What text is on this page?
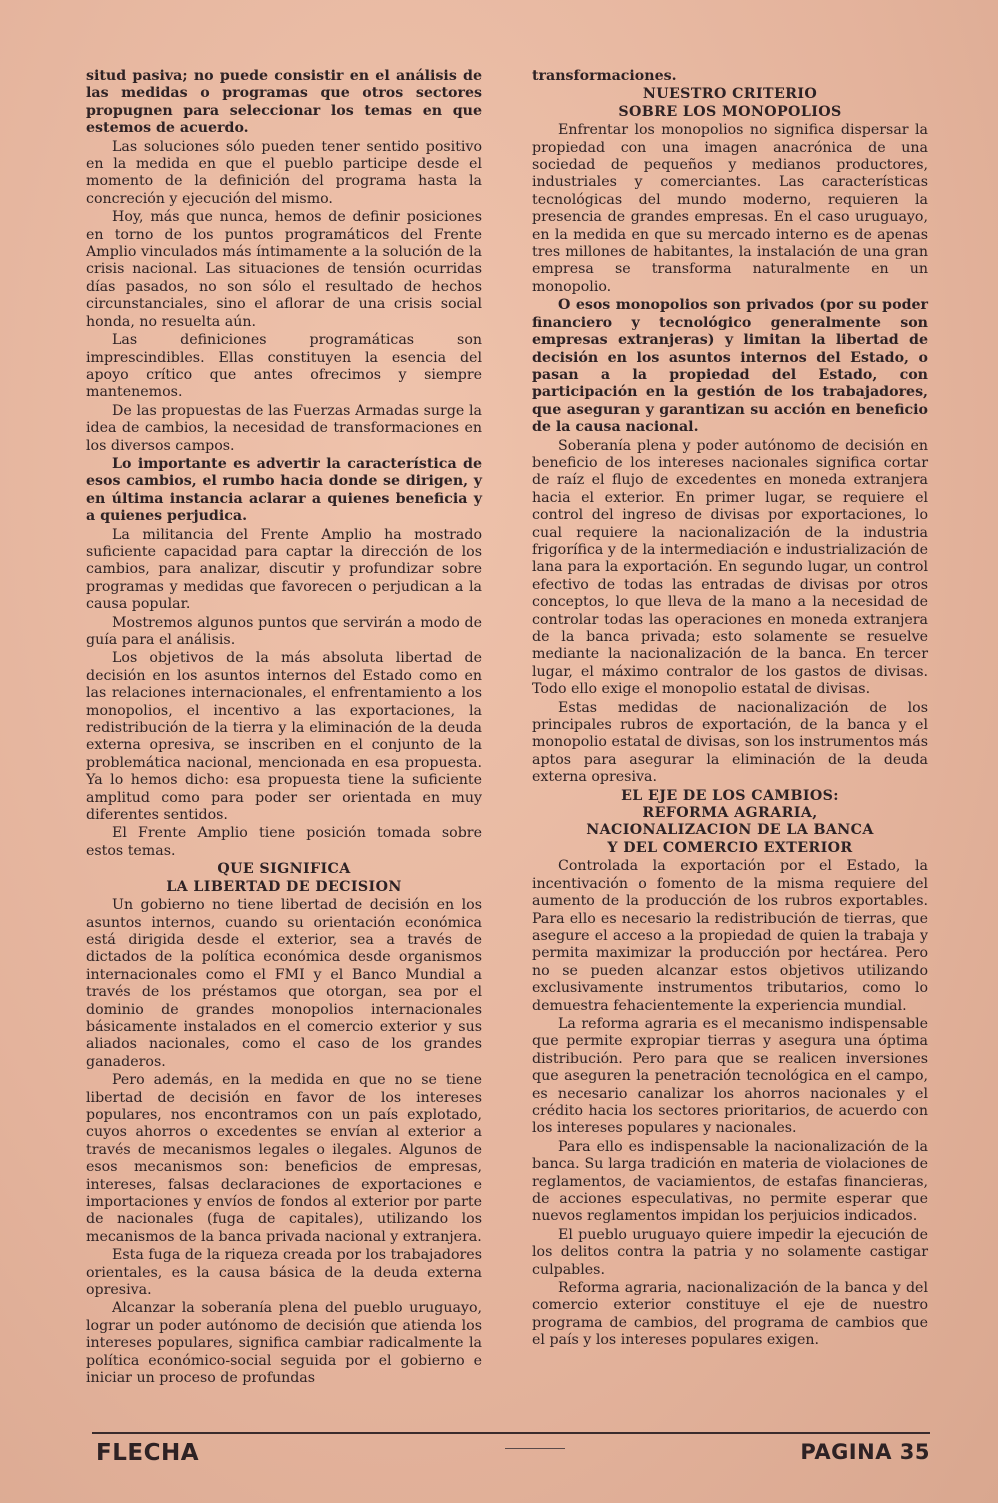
situd pasiva; no puede consistir en el análisis de las medidas o programas que otros sectores propugnen para seleccionar los temas en que estemos de acuerdo.

Las soluciones sólo pueden tener sentido positivo en la medida en que el pueblo participe desde el momento de la definición del programa hasta la concreción y ejecución del mismo.

Hoy, más que nunca, hemos de definir posiciones en torno de los puntos programáticos del Frente Amplio vinculados más íntimamente a la solución de la crisis nacional. Las situaciones de tensión ocurridas días pasados, no son sólo el resultado de hechos circunstanciales, sino el aflorar de una crisis social honda, no resuelta aún.

Las definiciones programáticas son imprescindibles. Ellas constituyen la esencia del apoyo crítico que antes ofrecimos y siempre mantenemos.

De las propuestas de las Fuerzas Armadas surge la idea de cambios, la necesidad de transformaciones en los diversos campos.

Lo importante es advertir la característica de esos cambios, el rumbo hacia donde se dirigen, y en última instancia aclarar a quienes beneficia y a quienes perjudica.

La militancia del Frente Amplio ha mostrado suficiente capacidad para captar la dirección de los cambios, para analizar, discutir y profundizar sobre programas y medidas que favorecen o perjudican a la causa popular.

Mostremos algunos puntos que servirán a modo de guía para el análisis.

Los objetivos de la más absoluta libertad de decisión en los asuntos internos del Estado como en las relaciones internacionales, el enfrentamiento a los monopolios, el incentivo a las exportaciones, la redistribución de la tierra y la eliminación de la deuda externa opresiva, se inscriben en el conjunto de la problemática nacional, mencionada en esa propuesta. Ya lo hemos dicho: esa propuesta tiene la suficiente amplitud como para poder ser orientada en muy diferentes sentidos.

El Frente Amplio tiene posición tomada sobre estos temas.

QUE SIGNIFICA
LA LIBERTAD DE DECISION

Un gobierno no tiene libertad de decisión en los asuntos internos, cuando su orientación económica está dirigida desde el exterior, sea a través de dictados de la política económica desde organismos internacionales como el FMI y el Banco Mundial a través de los préstamos que otorgan, sea por el dominio de grandes monopolios internacionales básicamente instalados en el comercio exterior y sus aliados nacionales, como el caso de los grandes ganaderos.

Pero además, en la medida en que no se tiene libertad de decisión en favor de los intereses populares, nos encontramos con un país explotado, cuyos ahorros o excedentes se envían al exterior a través de mecanismos legales o ilegales. Algunos de esos mecanismos son: beneficios de empresas, intereses, falsas declaraciones de exportaciones e importaciones y envíos de fondos al exterior por parte de nacionales (fuga de capitales), utilizando los mecanismos de la banca privada nacional y extranjera.

Esta fuga de la riqueza creada por los trabajadores orientales, es la causa básica de la deuda externa opresiva.

Alcanzar la soberanía plena del pueblo uruguayo, lograr un poder autónomo de decisión que atienda los intereses populares, significa cambiar radicalmente la política económico-social seguida por el gobierno e iniciar un proceso de profundas

transformaciones.

NUESTRO CRITERIO
SOBRE LOS MONOPOLIOS

Enfrentar los monopolios no significa dispersar la propiedad con una imagen anacrónica de una sociedad de pequeños y medianos productores, industriales y comerciantes. Las características tecnológicas del mundo moderno, requieren la presencia de grandes empresas. En el caso uruguayo, en la medida en que su mercado interno es de apenas tres millones de habitantes, la instalación de una gran empresa se transforma naturalmente en un monopolio.

O esos monopolios son privados (por su poder financiero y tecnológico generalmente son empresas extranjeras) y limitan la libertad de decisión en los asuntos internos del Estado, o pasan a la propiedad del Estado, con participación en la gestión de los trabajadores, que aseguran y garantizan su acción en beneficio de la causa nacional.

Soberanía plena y poder autónomo de decisión en beneficio de los intereses nacionales significa cortar de raíz el flujo de excedentes en moneda extranjera hacia el exterior. En primer lugar, se requiere el control del ingreso de divisas por exportaciones, lo cual requiere la nacionalización de la industria frigorífica y de la intermediación e industrialización de lana para la exportación. En segundo lugar, un control efectivo de todas las entradas de divisas por otros conceptos, lo que lleva de la mano a la necesidad de controlar todas las operaciones en moneda extranjera de la banca privada; esto solamente se resuelve mediante la nacionalización de la banca. En tercer lugar, el máximo contralor de los gastos de divisas. Todo ello exige el monopolio estatal de divisas.

Estas medidas de nacionalización de los principales rubros de exportación, de la banca y el monopolio estatal de divisas, son los instrumentos más aptos para asegurar la eliminación de la deuda externa opresiva.

EL EJE DE LOS CAMBIOS:
REFORMA AGRARIA,
NACIONALIZACION DE LA BANCA
Y DEL COMERCIO EXTERIOR

Controlada la exportación por el Estado, la incentivación o fomento de la misma requiere del aumento de la producción de los rubros exportables. Para ello es necesario la redistribución de tierras, que asegure el acceso a la propiedad de quien la trabaja y permita maximizar la producción por hectárea. Pero no se pueden alcanzar estos objetivos utilizando exclusivamente instrumentos tributarios, como lo demuestra fehacientemente la experiencia mundial.

La reforma agraria es el mecanismo indispensable que permite expropiar tierras y asegura una óptima distribución. Pero para que se realicen inversiones que aseguren la penetración tecnológica en el campo, es necesario canalizar los ahorros nacionales y el crédito hacia los sectores prioritarios, de acuerdo con los intereses populares y nacionales.

Para ello es indispensable la nacionalización de la banca. Su larga tradición en materia de violaciones de reglamentos, de vaciamientos, de estafas financieras, de acciones especulativas, no permite esperar que nuevos reglamentos impidan los perjuicios indicados.

El pueblo uruguayo quiere impedir la ejecución de los delitos contra la patria y no solamente castigar culpables.

Reforma agraria, nacionalización de la banca y del comercio exterior constituye el eje de nuestro programa de cambios, del programa de cambios que el país y los intereses populares exigen.

FLECHA	PAGINA 35
